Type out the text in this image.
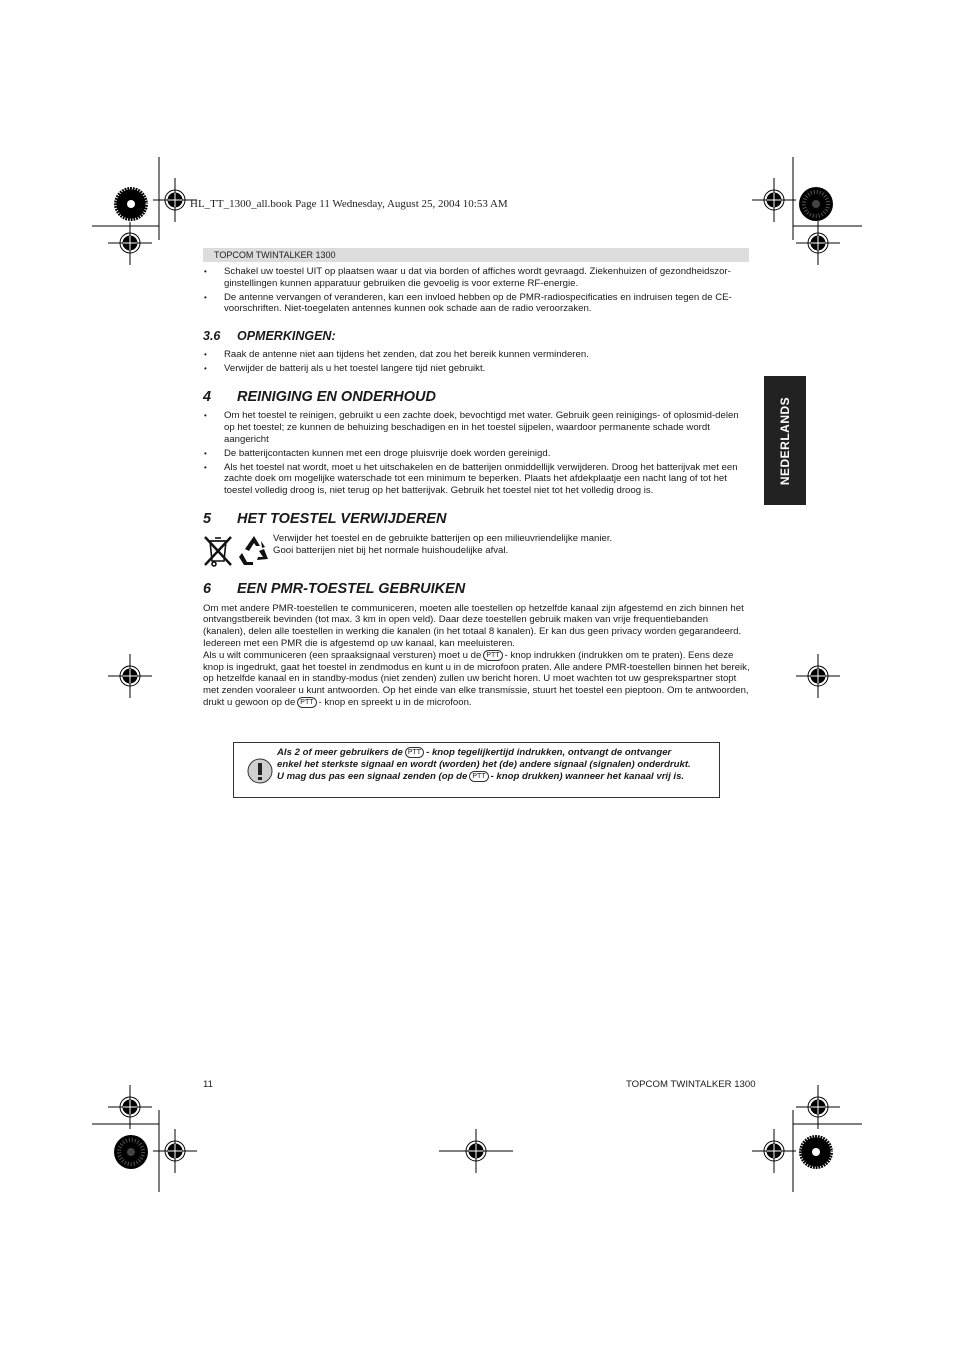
HL_TT_1300_all.book Page 11 Wednesday, August 25, 2004 10:53 AM
TOPCOM TWINTALKER 1300
NEDERLANDS
• Schakel uw toestel UIT op plaatsen waar u dat via borden of affiches wordt gevraagd. Ziekenhuizen of gezondheidszor-ginstellingen kunnen apparatuur gebruiken die gevoelig is voor externe RF-energie.
• De antenne vervangen of veranderen, kan een invloed hebben op de PMR-radiospecificaties en indruisen tegen de CE-voorschriften. Niet-toegelaten antennes kunnen ook schade aan de radio veroorzaken.
3.6 OPMERKINGEN:
• Raak de antenne niet aan tijdens het zenden, dat zou het bereik kunnen verminderen.
• Verwijder de batterij als u het toestel langere tijd niet gebruikt.
4 REINIGING EN ONDERHOUD
• Om het toestel te reinigen, gebruikt u een zachte doek, bevochtigd met water. Gebruik geen reinigings- of oplosmid-delen op het toestel; ze kunnen de behuizing beschadigen en in het toestel sijpelen, waardoor permanente schade wordt aangericht
• De batterijcontacten kunnen met een droge pluisvrije doek worden gereinigd.
• Als het toestel nat wordt, moet u het uitschakelen en de batterijen onmiddellijk verwijderen. Droog het batterijvak met een zachte doek om mogelijke waterschade tot een minimum te beperken. Plaats het afdekplaatje een nacht lang of tot het toestel volledig droog is, niet terug op het batterijvak. Gebruik het toestel niet tot het volledig droog is.
5 HET TOESTEL VERWIJDEREN
Verwijder het toestel en de gebruikte batterijen op een milieuvriendelijke manier.
Gooi batterijen niet bij het normale huishoudelijke afval.
6 EEN PMR-TOESTEL GEBRUIKEN
Om met andere PMR-toestellen te communiceren, moeten alle toestellen op hetzelfde kanaal zijn afgestemd en zich binnen het ontvangstbereik bevinden (tot max. 3 km in open veld). Daar deze toestellen gebruik maken van vrije frequentiebanden (kanalen), delen alle toestellen in werking die kanalen (in het totaal 8 kanalen). Er kan dus geen privacy worden gegarandeerd. Iedereen met een PMR die is afgestemd op uw kanaal, kan meeluisteren.
Als u wilt communiceren (een spraaksignaal versturen) moet u de PTT - knop indrukken (indrukken om te praten). Eens deze knop is ingedrukt, gaat het toestel in zendmodus en kunt u in de microfoon praten. Alle andere PMR-toestellen binnen het bereik, op hetzelfde kanaal en in standby-modus (niet zenden) zullen uw bericht horen. U moet wachten tot uw gesprekspartner stopt met zenden vooraleer u kunt antwoorden. Op het einde van elke transmissie, stuurt het toestel een pieptoon. Om te antwoorden, drukt u gewoon op de PTT - knop en spreekt u in de microfoon.
Als 2 of meer gebruikers de PTT - knop tegelijkertijd indrukken, ontvangt de ontvanger enkel het sterkste signaal en wordt (worden) het (de) andere signaal (signalen) onderdrukt. U mag dus pas een signaal zenden (op de PTT - knop drukken) wanneer het kanaal vrij is.
11	TOPCOM TWINTALKER 1300
